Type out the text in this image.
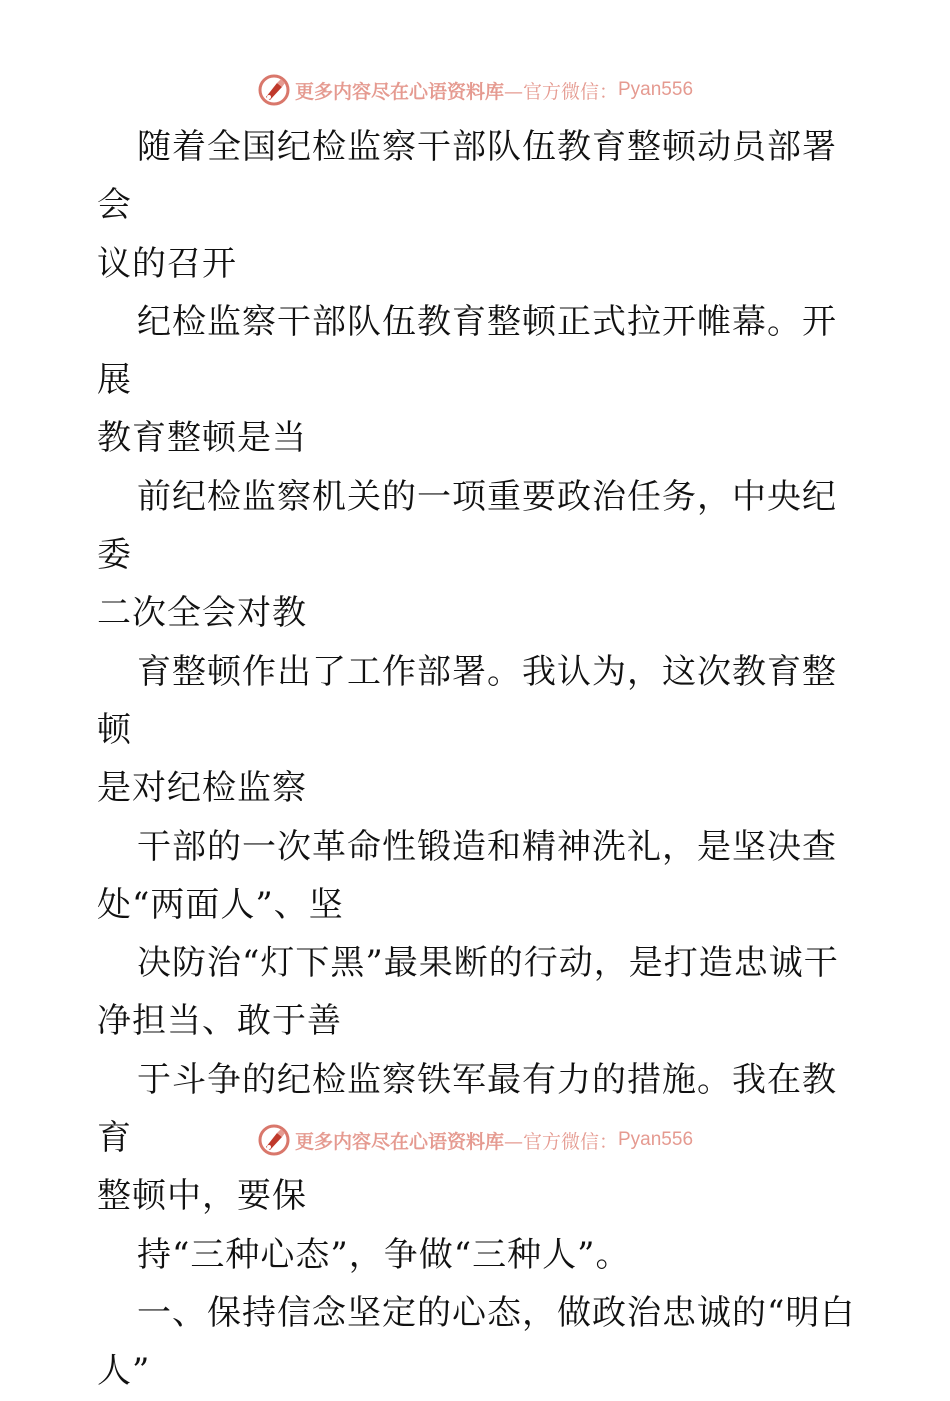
更多内容尽在心语资料库 —官方微信： Pyan556

随着全国纪检监察干部队伍教育整顿动员部署会
议的召开

纪检监察干部队伍教育整顿正式拉开帷幕。开展
教育整顿是当

前纪检监察机关的一项重要政治任务，中央纪委
二次全会对教

育整顿作出了工作部署。我认为，这次教育整顿
是对纪检监察

干部的一次革命性锻造和精神洗礼，是坚决查
处“两面人”、坚

决防治“灯下黑”最果断的行动，是打造忠诚干
净担当、敢于善

于斗争的纪检监察铁军最有力的措施。我在教育
整顿中，要保

持“三种心态”，争做“三种人”。

一、保持信念坚定的心态，做政治忠诚的“明白
人”

更多内容尽在心语资料库 —官方微信： Pyan556
